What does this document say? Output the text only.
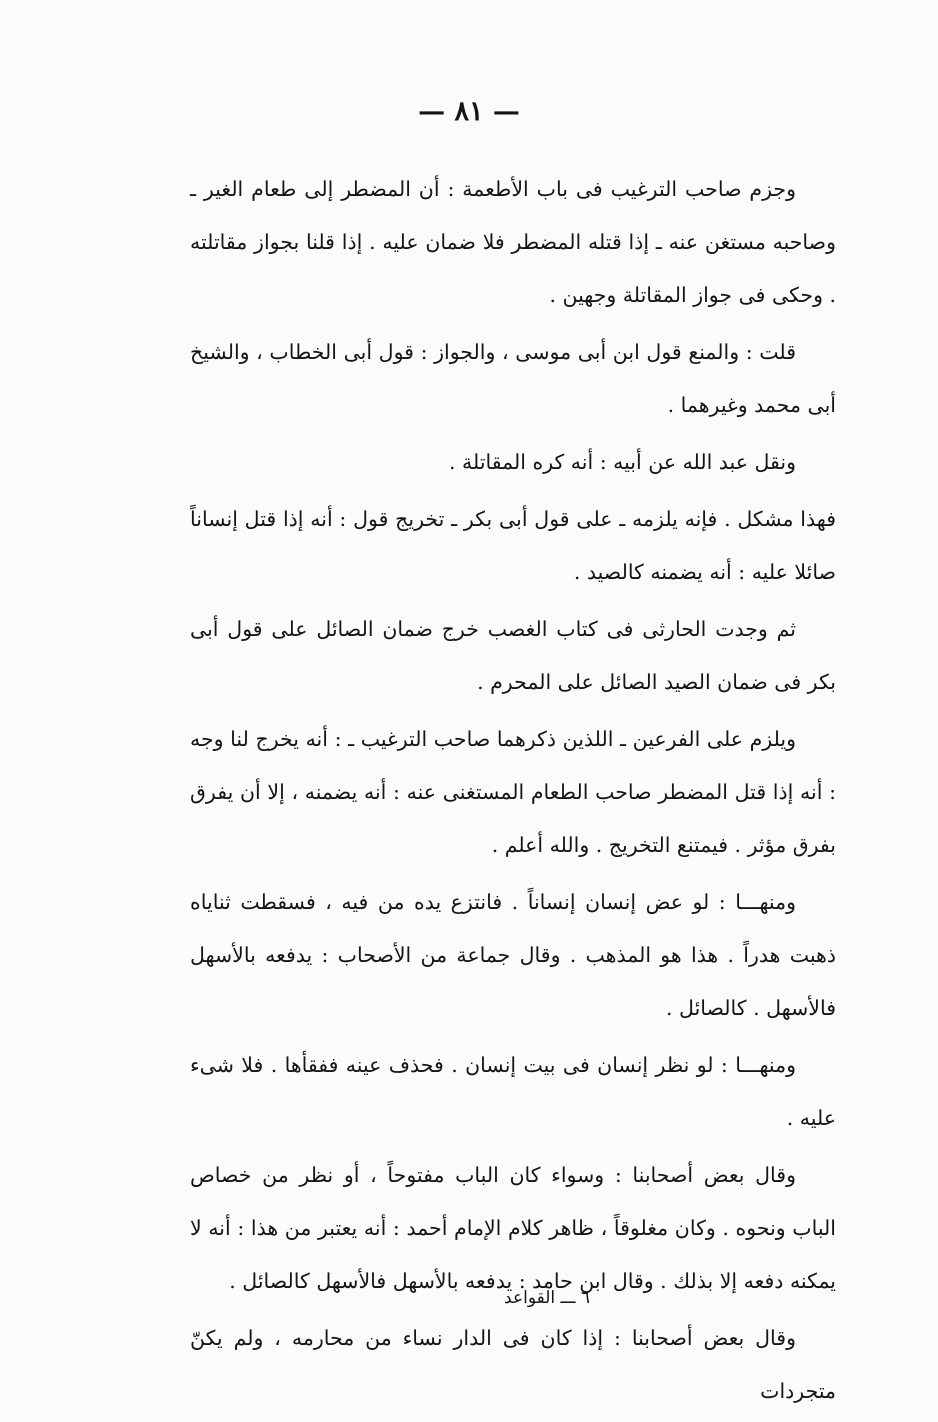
— ٨١ —

وجزم صاحب الترغيب فى باب الأطعمة : أن المضطر إلى طعام الغير ـ وصاحبه مستغن عنه ـ إذا قتله المضطر فلا ضمان عليه . إذا قلنا بجواز مقاتلته . وحكى فى جواز المقاتلة وجهين .

قلت : والمنع قول ابن أبى موسى ، والجواز : قول أبى الخطاب ، والشيخ أبى محمد وغيرهما .

ونقل عبد الله عن أبيه : أنه كره المقاتلة .

فهذا مشكل . فإنه يلزمه ـ على قول أبى بكر ـ تخريج قول : أنه إذا قتل إنساناً صائلا عليه : أنه يضمنه كالصيد .

ثم وجدت الحارثى فى كتاب الغصب خرج ضمان الصائل على قول أبى بكر فى ضمان الصيد الصائل على المحرم .

ويلزم على الفرعين ـ اللذين ذكرهما صاحب الترغيب ـ : أنه يخرج لنا وجه : أنه إذا قتل المضطر صاحب الطعام المستغنى عنه : أنه يضمنه ، إلا أن يفرق بفرق مؤثر . فيمتنع التخريج . والله أعلم .

ومنهـــا : لو عض إنسان إنساناً . فانتزع يده من فيه ، فسقطت ثناياه ذهبت هدراً . هذا هو المذهب . وقال جماعة من الأصحاب : يدفعه بالأسهل فالأسهل . كالصائل .

ومنهـــا : لو نظر إنسان فى بيت إنسان . فحذف عينه ففقأها . فلا شىء عليه .

وقال بعض أصحابنا : وسواء كان الباب مفتوحاً ، أو نظر من خصاص الباب ونحوه . وكان مغلوقاً ، ظاهر كلام الإمام أحمد : أنه يعتبر من هذا : أنه لا يمكنه دفعه إلا بذلك . وقال ابن حامد : يدفعه بالأسهل فالأسهل كالصائل .

وقال بعض أصحابنا : إذا كان فى الدار نساء من محارمه ، ولم يكنّ متجردات

٦ ـــ القواعد
